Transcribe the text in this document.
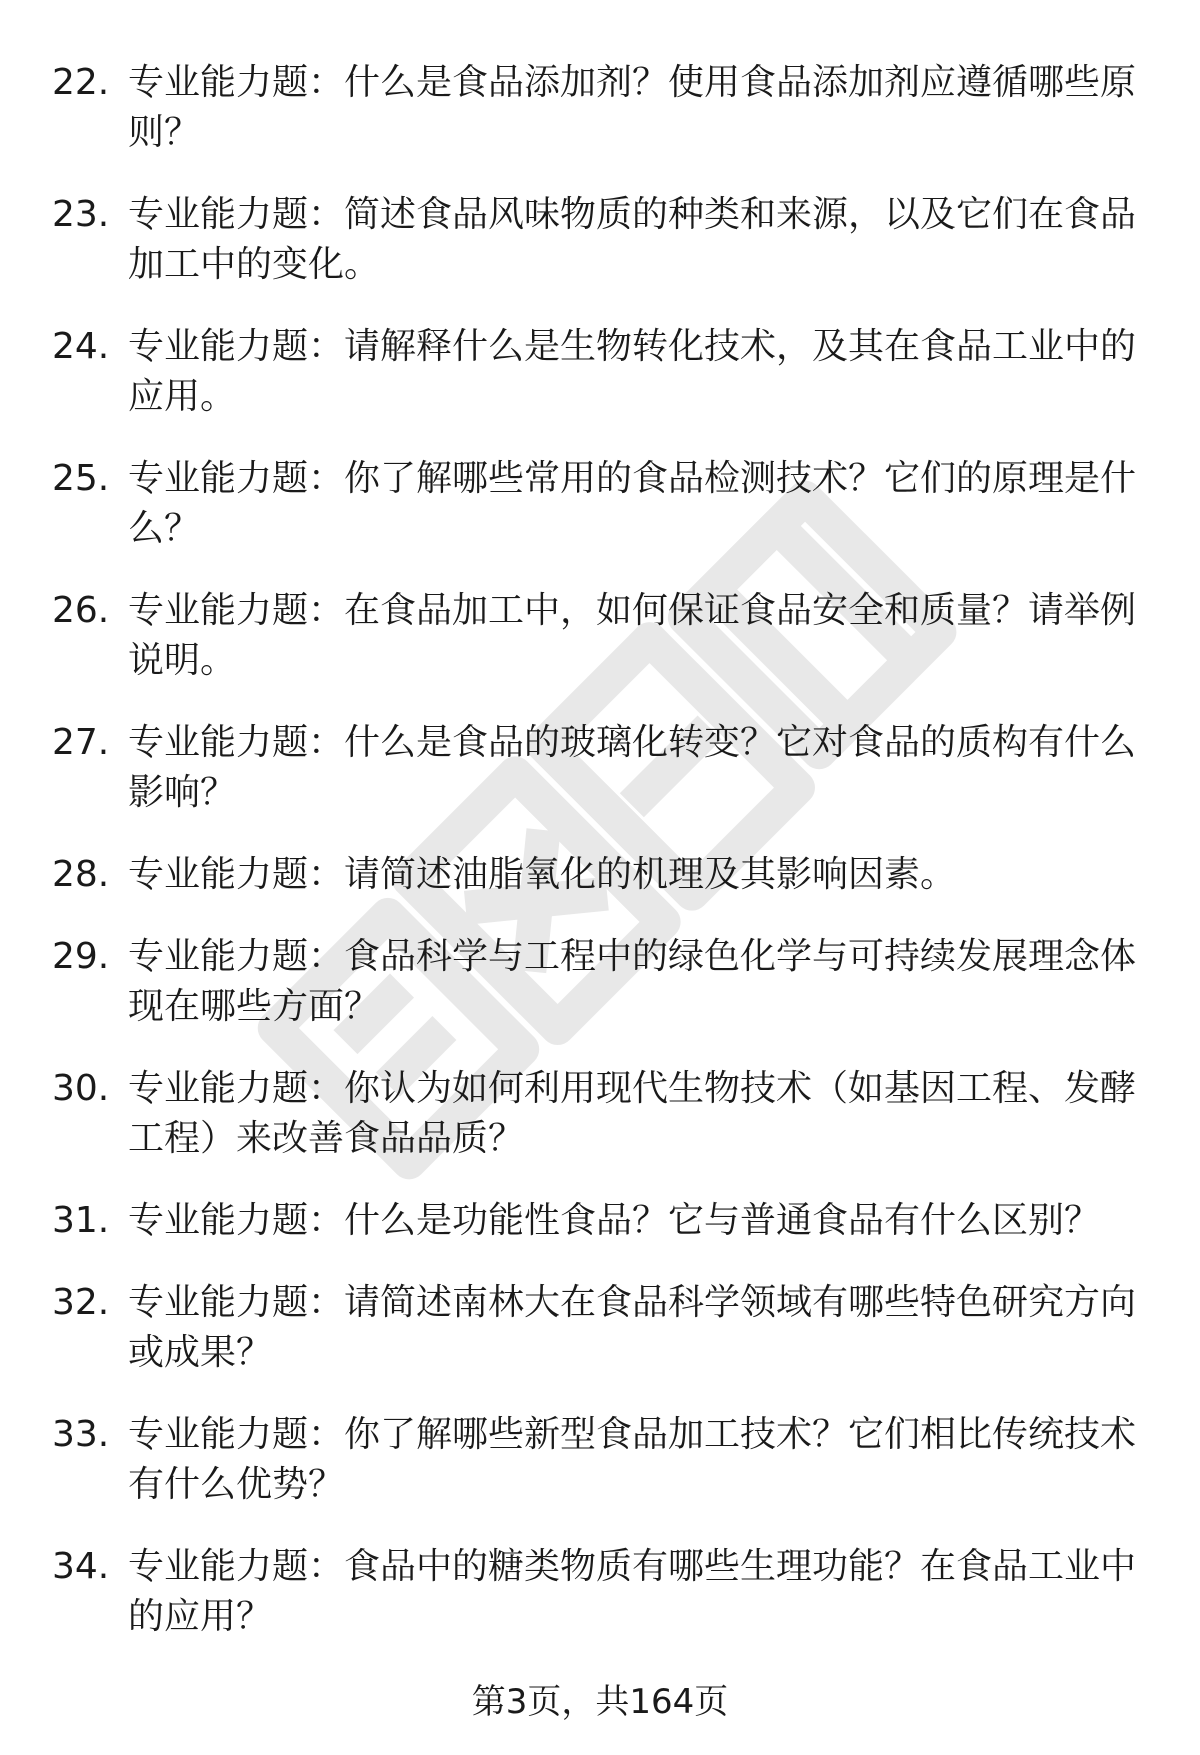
22. 专业能力题：什么是食品添加剂？使用食品添加剂应遵循哪些原则？
23. 专业能力题：简述食品风味物质的种类和来源，以及它们在食品加工中的变化。
24. 专业能力题：请解释什么是生物转化技术，及其在食品工业中的应用。
25. 专业能力题：你了解哪些常用的食品检测技术？它们的原理是什么？
26. 专业能力题：在食品加工中，如何保证食品安全和质量？请举例说明。
27. 专业能力题：什么是食品的玻璃化转变？它对食品的质构有什么影响？
28. 专业能力题：请简述油脂氧化的机理及其影响因素。
29. 专业能力题：食品科学与工程中的绿色化学与可持续发展理念体现在哪些方面？
30. 专业能力题：你认为如何利用现代生物技术（如基因工程、发酵工程）来改善食品品质？
31. 专业能力题：什么是功能性食品？它与普通食品有什么区别？
32. 专业能力题：请简述南林大在食品科学领域有哪些特色研究方向或成果？
33. 专业能力题：你了解哪些新型食品加工技术？它们相比传统技术有什么优势？
34. 专业能力题：食品中的糖类物质有哪些生理功能？在食品工业中的应用？
第3页，共164页
